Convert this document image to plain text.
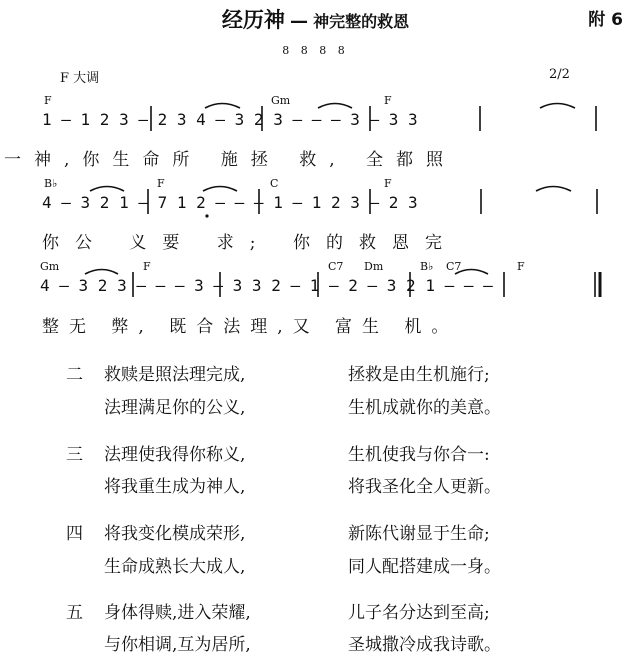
经历神 — 神完整的救恩	附 6
8 8 8 8
F 大调	2/2
F	Gm	F
1 — 1 2 3 — 2 3 4 — 3 2 3 — — — 3 — 3 3
一神,你生命所 施拯 救, 全都照
B♭	F	C	F
4 — 3 2 1 — 7 1 2 — — — 1 — 1 2 3 — 2 3
你公 义要 求; 你的救恩完
Gm	F	C7 Dm	B♭ C7	F
4 — 3 2 3 — — — 3 — 3 3 2 — 1 — 2 — 3 2 1 — — —
整无 弊, 既合法理,又 富生 机。
二 救赎是照法理完成,	拯救是由生机施行;
法理满足你的公义,	生机成就你的美意。
三 法理使我得你称义,	生机使我与你合一:
将我重生成为神人,	将我圣化全人更新。
四 将我变化模成荣形,	新陈代谢显于生命;
生命成熟长大成人,	同人配搭建成一身。
五 身体得赎,进入荣耀,	儿子名分达到至高;
与你相调,互为居所,	圣城撒冷成我诗歌。
